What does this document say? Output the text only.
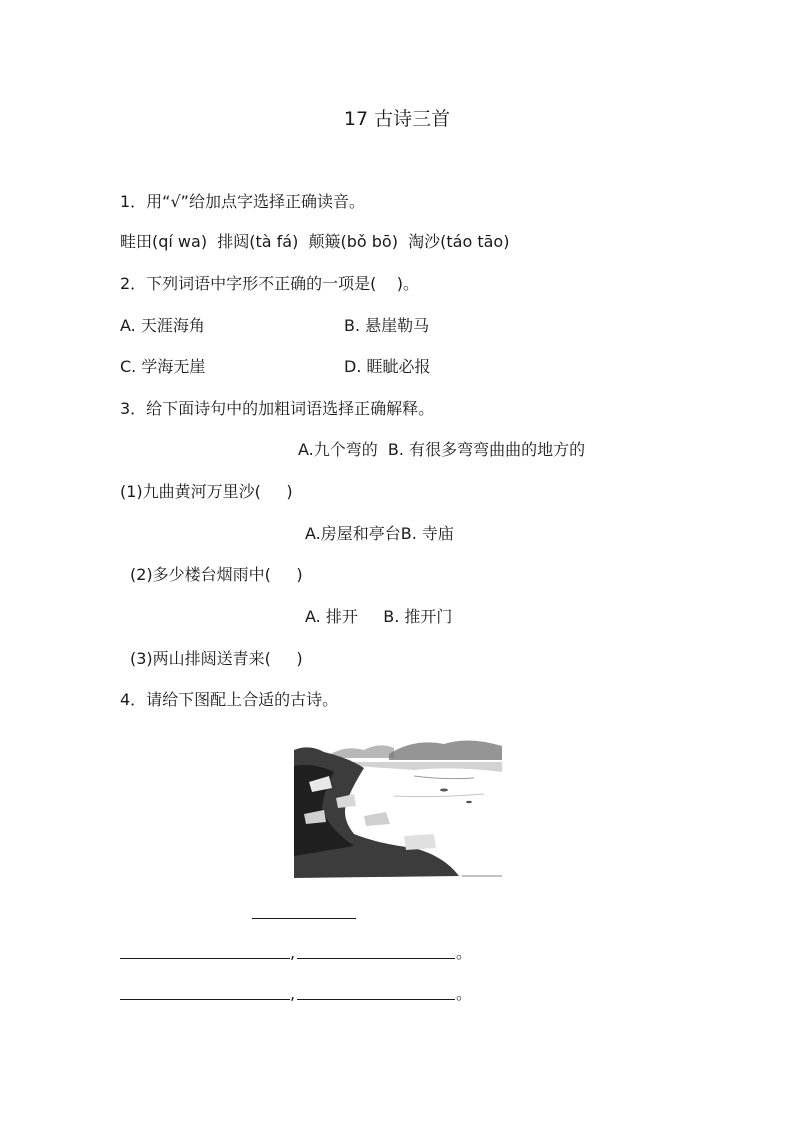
17 古诗三首
1．用“√”给加点字选择正确读音。
畦田(qí wa)  排闼(tà fá)  颠簸(bǒ bō)  淘沙(táo tāo)
2．下列词语中字形不正确的一项是(    )。
A. 天涯海角	B. 悬崖勒马
C. 学海无崖	D. 睚眦必报
3．给下面诗句中的加粗词语选择正确解释。
A.九个弯的  B. 有很多弯弯曲曲的地方的
(1)九曲黄河万里沙(     )
A.房屋和亭台B. 寺庙
(2)多少楼台烟雨中(     )
A. 排开     B. 推开门
(3)两山排闼送青来(     )
4．请给下图配上合适的古诗。
,	。
,	。
